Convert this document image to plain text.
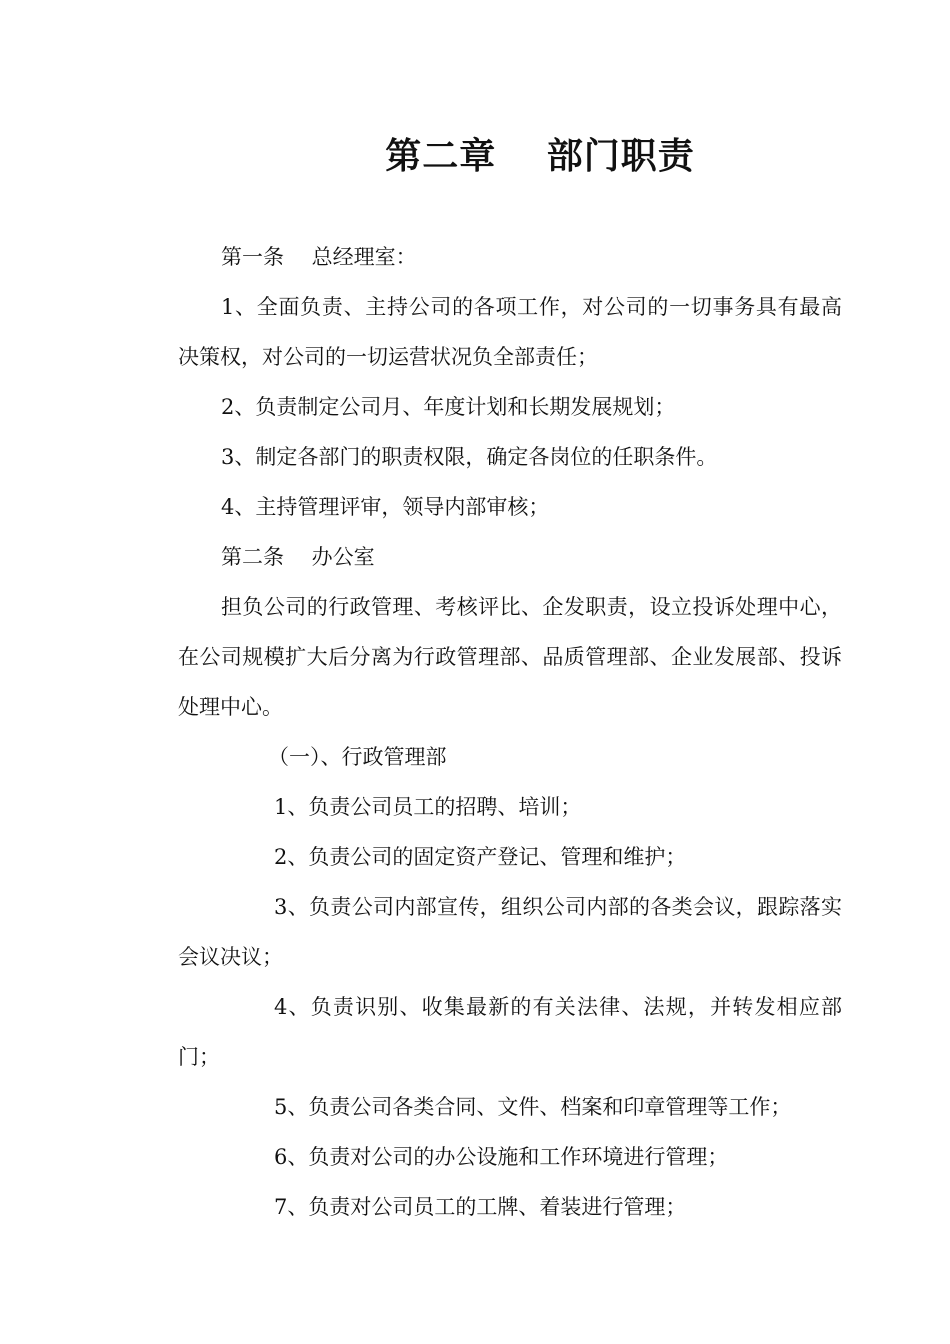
第二章　 部门职责

第一条　 总经理室：

1、全面负责、主持公司的各项工作，对公司的一切事务具有最高决策权，对公司的一切运营状况负全部责任；

2、负责制定公司月、年度计划和长期发展规划；

3、制定各部门的职责权限，确定各岗位的任职条件。

4、主持管理评审，领导内部审核；

第二条　 办公室

担负公司的行政管理、考核评比、企发职责，设立投诉处理中心，在公司规模扩大后分离为行政管理部、品质管理部、企业发展部、投诉处理中心。

（一）、行政管理部

1、负责公司员工的招聘、培训；

2、负责公司的固定资产登记、管理和维护；

3、负责公司内部宣传，组织公司内部的各类会议，跟踪落实会议决议；

4、负责识别、收集最新的有关法律、法规，并转发相应部门；

5、负责公司各类合同、文件、档案和印章管理等工作；

6、负责对公司的办公设施和工作环境进行管理；

7、负责对公司员工的工牌、着装进行管理；
